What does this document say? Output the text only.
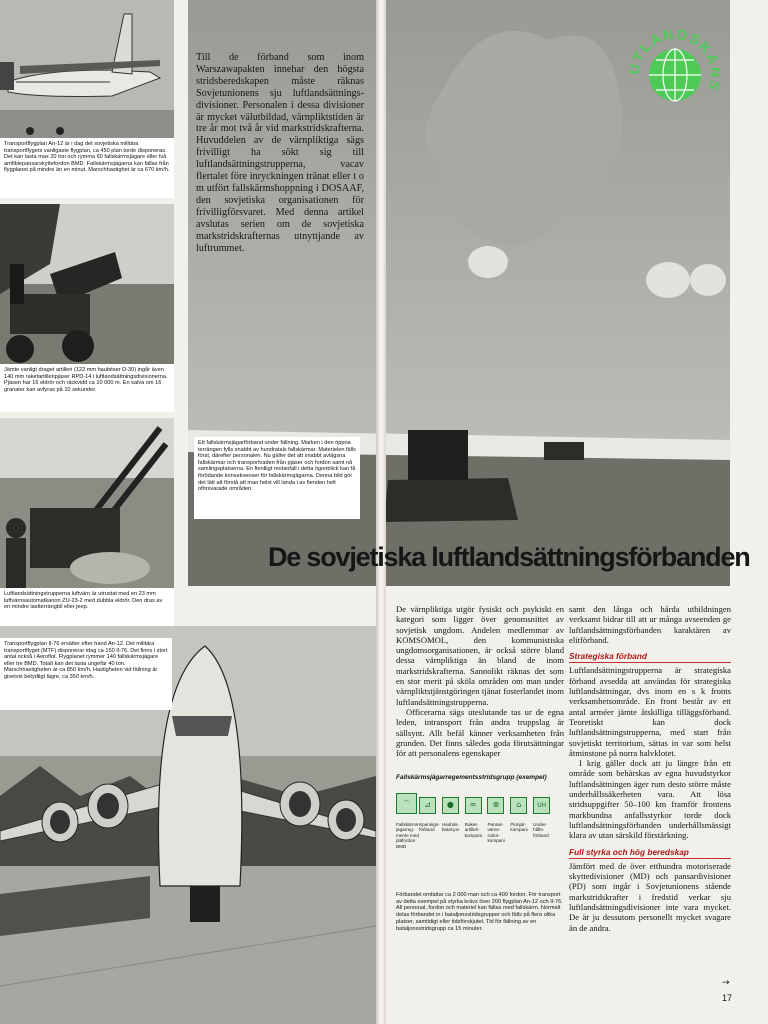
Transportflygplan An-12 är i dag det sovjetiska militära transportflygets vanligaste flygplan, ca 450 plan torde disponeras. Det kan lasta max 20 ton och rymma 60 fallskärmsjägare eller två amfibiepansarskyttefordon BMD. Fallskärmsjägarna kan fällas från flygplanet på mindre än en minut. Marschhastighet är ca 670 km/h.
Jämte vanligt draget artilleri (122 mm haubitser D-30) ingår även 140 mm raketartilleripjäser RPD-14 i luftlandsättningsdivisionerna. Pjäsen har 16 eldrör och räckvidd ca 10 000 m. En salva om 16 granater kan avfyras på 10 sekunder.
Luftlandsättningstrupperna luftvärn är utrustat med en 23 mm luftvärnsautomatkanon ZU-23-2 med dubbla eldrör. Den dras av en mindre lastterrängbil eller jeep.
Transportflygplan Il-76 ersätter efter hand An-12. Det militära transportflyget (MTF) disponerar idag ca 150 Il-76. Det finns i stort antal också i Aeroflot. Flygplanet rymmer 140 fallskärmsjägare eller tre BMD. Totalt kan det lasta ungefär 40 ton. Marschhastigheten är ca 850 km/h. Hastigheten vid fällning är givetvis betydligt lägre, ca 350 km/h.
TLANDSKA S

Till de förband som inom Warszawapakten innehar den högsta stridsberedskapen måste räknas Sovjetunionens sju luftlandsättnings-divisioner. Personalen i dessa divisioner är mycket välutbildad, värnpliktstiden är tre år mot två år vid markstridskrafterna. Huvuddelen av de värnpliktiga sägs frivilligt ha sökt sig till luftlandsättningstrupperna, vacav flertalet före inryckningen tränat eller t o m utfört fallskärmshoppning i DOSAAF, den sovjetiska organisationen för frivilligförsvaret. Med denna artikel avslutas serien om de sovjetiska markstridskrafternas utnyttjande av luftrummet.

Ett fallskärmsjägarförband under fällning. Marken i den öppna terrängen fylls snabbt av hundratals fallskärmar. Materielen fälls först, därefter personalen. Nu gäller det att snabbt avlägsna fallskärmar och transportvaden från pjäser och fordon samt nå samlingsplatserna. En fientligt motanfall i detta ögonblick kan få förödande konsekvenser för fallskärmsjägarna. Denna bild gör det lätt att förstå att man helst vill landa i av fienden helt oförsvarade områden.
De sovjetiska luftlandsättningsförbanden

De värnpliktiga utgör fysiskt och psykiskt en kategori som ligger över genomsnittet av sovjetisk ungdom. Andelen medlemmar av KOMSOMOL, den kommunistiska ungdomsorganisationen, är också större bland dessa värnpliktiga än bland de inom markstridskrafterna. Sannolikt räknas det som en stor merit på sköla områden om man under värnpliktstjänstgöringen tjänat fosterlandet inom luftlandsättningstrupperna.

Officerarna sägs uteslutande tas ur de egna leden, intransport från andra truppslag är sällsynt. Allt befäl känner verksamheten från grunden. Det finns således goda förutsättningar för att personalens egenskaper

Fallskärmsjägarregementsstridsgrupp (exempel)
⌢
Fallskärms-jägarreg-mente med pläfordon BMD
⊿
Spanings-förband
●
Haubits-batal-jon
≈
Raket-artilleri-kompani
⊗
Pansar-värns-robot-kompani
⌂
Pionjär-kompani
UH
Under-hålls-förband
Förbandet omfattar ca 2 000 man och ca 400 fordon. För transport av detta exempel på styrka krävs över 200 flygplan An-12 och Il-76. All personal, fordon och materiel kan fällas med fallskärm. Normalt delas förbandet in i bataljonsstridsgrupper och fälls på flera olika platser, samtidigt eller tidsförskjutet. Tid för fällning av en bataljonsstridsgrupp ca 15 minuter.

samt den långa och hårda utbildningen verksamt bidrar till att ur många avseenden ge luftlandsättningsförbanden karaktären av elitförband.

Strategiska förband

Luftlandsättningstrupperna är strategiska förband avsedda att användas för strategiska luftlandsättningar, dvs inom en s k fronts verksamhetsområde. En front består av ett antal arméer jämte åtskilliga tilläggsförband. Teoretiskt kan dock luftlandsättningstrupperna, med start från sovjetiskt territorium, sättas in var som helst åtminstone på norra halvklotet.

I krig gäller dock att ju längre från ett område som behärskas av egna huvudstyrkor luftlandsättningen äger rum desto större måste underhållssäkerheten vara. Att lösa stridsuppgifter 50–100 km framför frontens markbundna anfallsstyrkor torde dock luftlandsättningsförbanden underhållsmässigt klara av utan särskild förstärkning.

Full styrka och hög beredskap

Jämfört med de över etthundra motoriserade skyttedivisioner (MD) och pansardivisioner (PD) som ingår i Sovjetunionens stående markstridskrafter i fredstid verkar sju luftlandsättningsdivisioner inte vara mycket. De är ju dessutom personellt mycket svagare än de andra.

→
17
